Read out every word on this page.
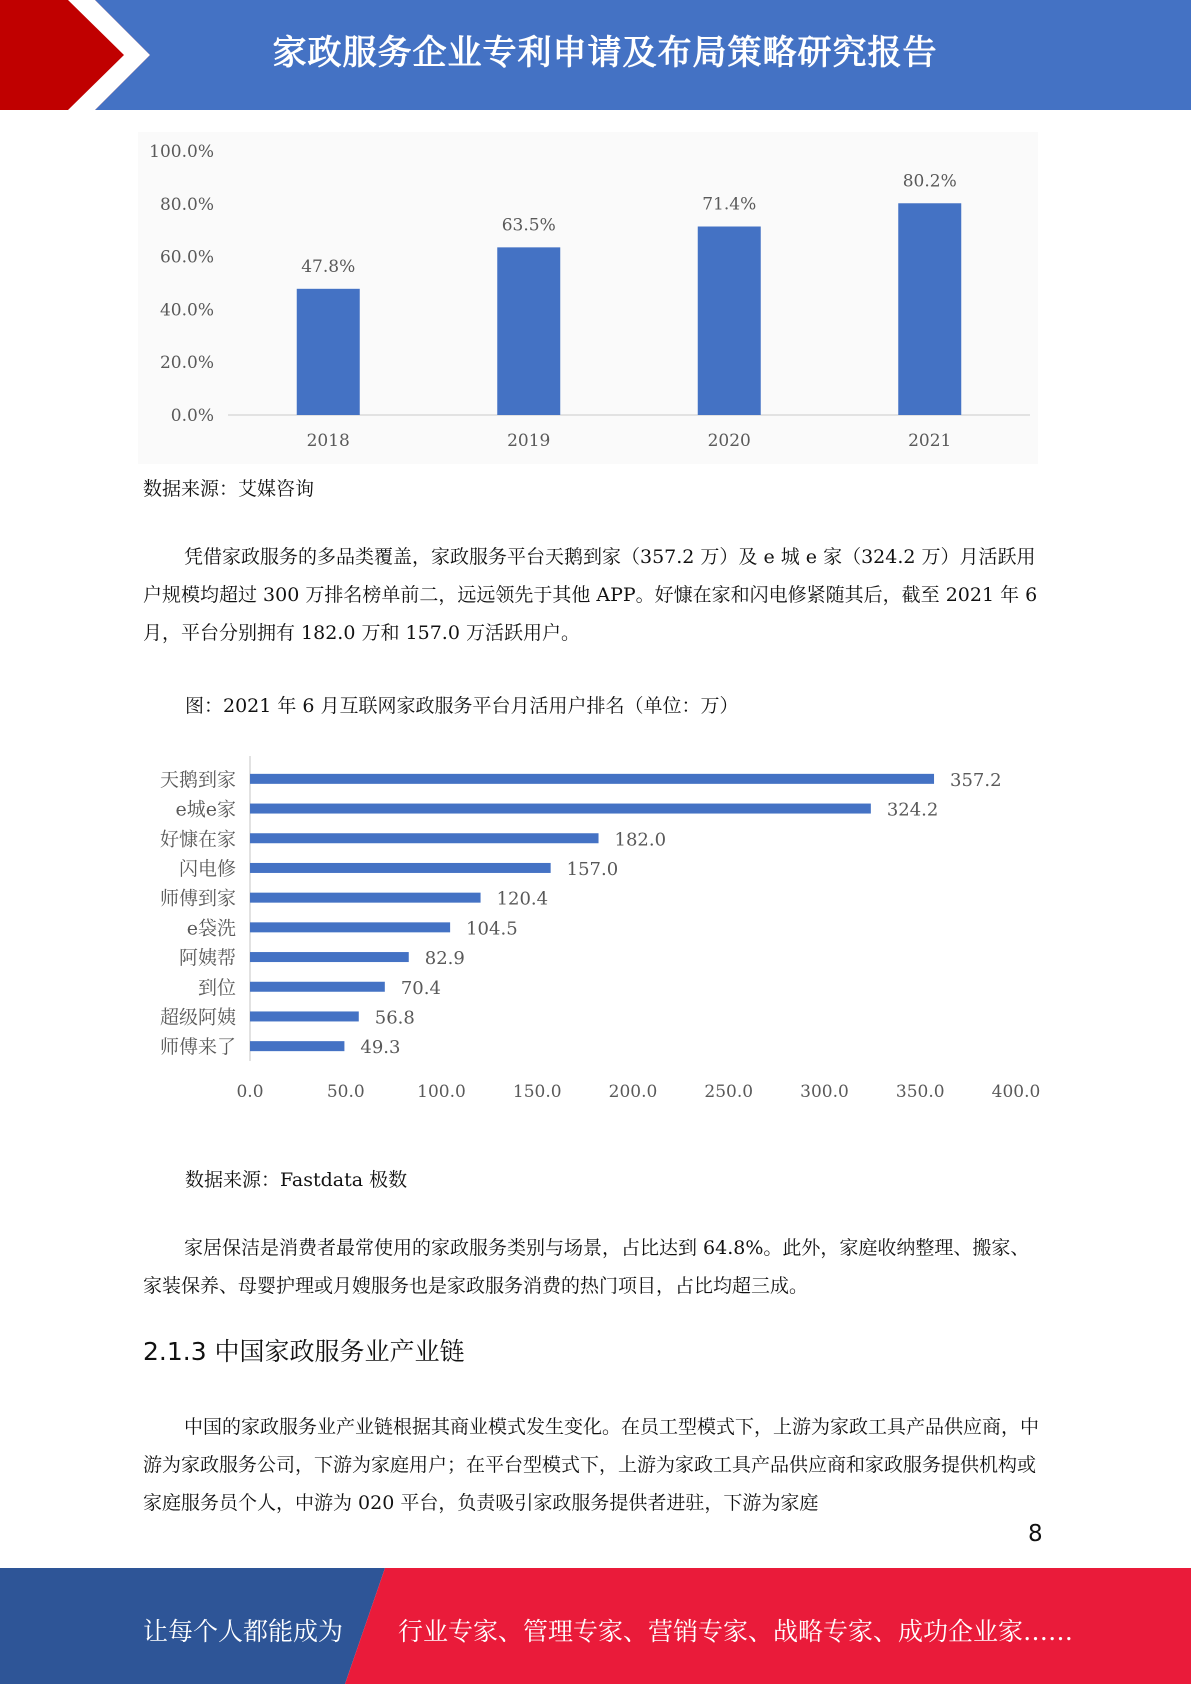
家政服务企业专利申请及布局策略研究报告
0.0%
20.0%
40.0%
60.0%
80.0%
100.0%
47.8%
2018
63.5%
2019
71.4%
2020
80.2%
2021
数据来源：艾媒咨询

凭借家政服务的多品类覆盖，家政服务平台天鹅到家（357.2 万）及 e 城 e 家（324.2 万）月活跃用户规模均超过 300 万排名榜单前二，远远领先于其他 APP。好慷在家和闪电修紧随其后，截至 2021 年 6 月，平台分别拥有 182.0 万和 157.0 万活跃用户。

图：2021 年 6 月互联网家政服务平台月活用户排名（单位：万）
357.2
天鹅到家
324.2
e城e家
182.0
好慷在家
157.0
闪电修
120.4
师傅到家
104.5
e袋洗
82.9
阿姨帮
70.4
到位
56.8
超级阿姨
49.3
师傅来了
0.0	50.0	100.0	150.0	200.0	250.0	300.0	350.0	400.0
数据来源：Fastdata 极数

家居保洁是消费者最常使用的家政服务类别与场景，占比达到 64.8%。此外，家庭收纳整理、搬家、家装保养、母婴护理或月嫂服务也是家政服务消费的热门项目，占比均超三成。

2.1.3 中国家政服务业产业链

中国的家政服务业产业链根据其商业模式发生变化。在员工型模式下，上游为家政工具产品供应商，中游为家政服务公司，下游为家庭用户；在平台型模式下，上游为家政工具产品供应商和家政服务提供机构或家庭服务员个人，中游为 020 平台，负责吸引家政服务提供者进驻，下游为家庭

8
让每个人都能成为 行业专家、管理专家、营销专家、战略专家、成功企业家……
